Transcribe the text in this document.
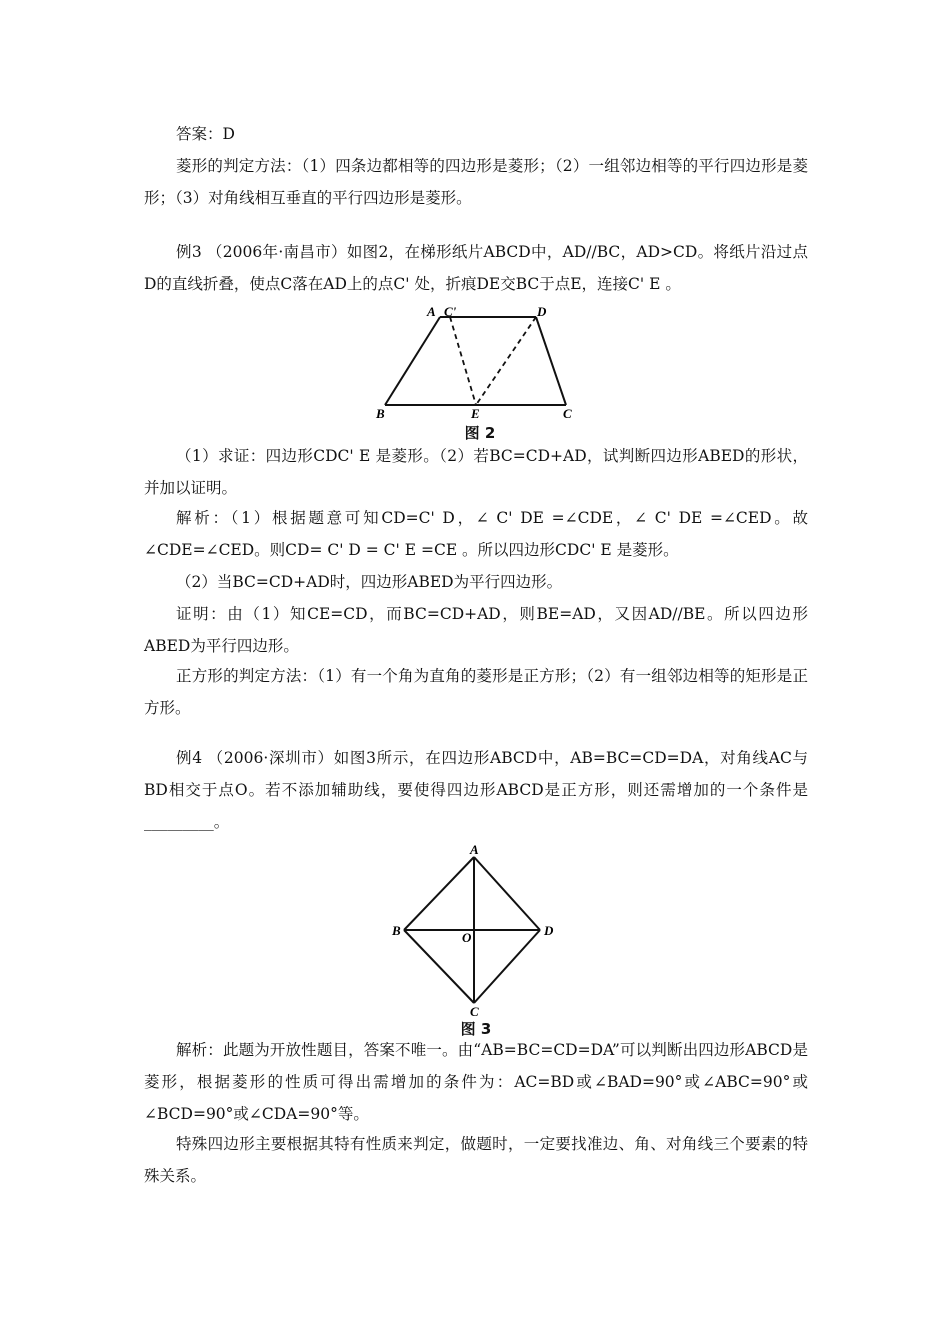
答案：D

菱形的判定方法：（1）四条边都相等的四边形是菱形；（2）一组邻边相等的平行四边形是菱形；（3）对角线相互垂直的平行四边形是菱形。

例3 （2006年·南昌市）如图2，在梯形纸片ABCD中，AD//BC，AD>CD。将纸片沿过点D的直线折叠，使点C落在AD上的点C' 处，折痕DE交BC于点E，连接C' E 。

A C'	D
B	E	C
图 2

（1）求证：四边形CDC' E 是菱形。（2）若BC=CD+AD，试判断四边形ABED的形状，并加以证明。

解析：（1）根据题意可知CD=C' D，∠ C' DE =∠CDE，∠ C' DE =∠CED。故∠CDE=∠CED。则CD= C' D = C' E =CE 。所以四边形CDC' E 是菱形。

（2）当BC=CD+AD时，四边形ABED为平行四边形。

证明：由（1）知CE=CD，而BC=CD+AD，则BE=AD，又因AD//BE。所以四边形ABED为平行四边形。

正方形的判定方法：（1）有一个角为直角的菱形是正方形；（2）有一组邻边相等的矩形是正方形。

例4 （2006·深圳市）如图3所示，在四边形ABCD中，AB=BC=CD=DA，对角线AC与BD相交于点O。若不添加辅助线，要使得四边形ABCD是正方形，则还需增加的一个条件是_________。

A
B	O	D
C
图 3

解析：此题为开放性题目，答案不唯一。由“AB=BC=CD=DA”可以判断出四边形ABCD是菱形，根据菱形的性质可得出需增加的条件为：AC=BD或∠BAD=90°或∠ABC=90°或∠BCD=90°或∠CDA=90°等。

特殊四边形主要根据其特有性质来判定，做题时，一定要找准边、角、对角线三个要素的特殊关系。
